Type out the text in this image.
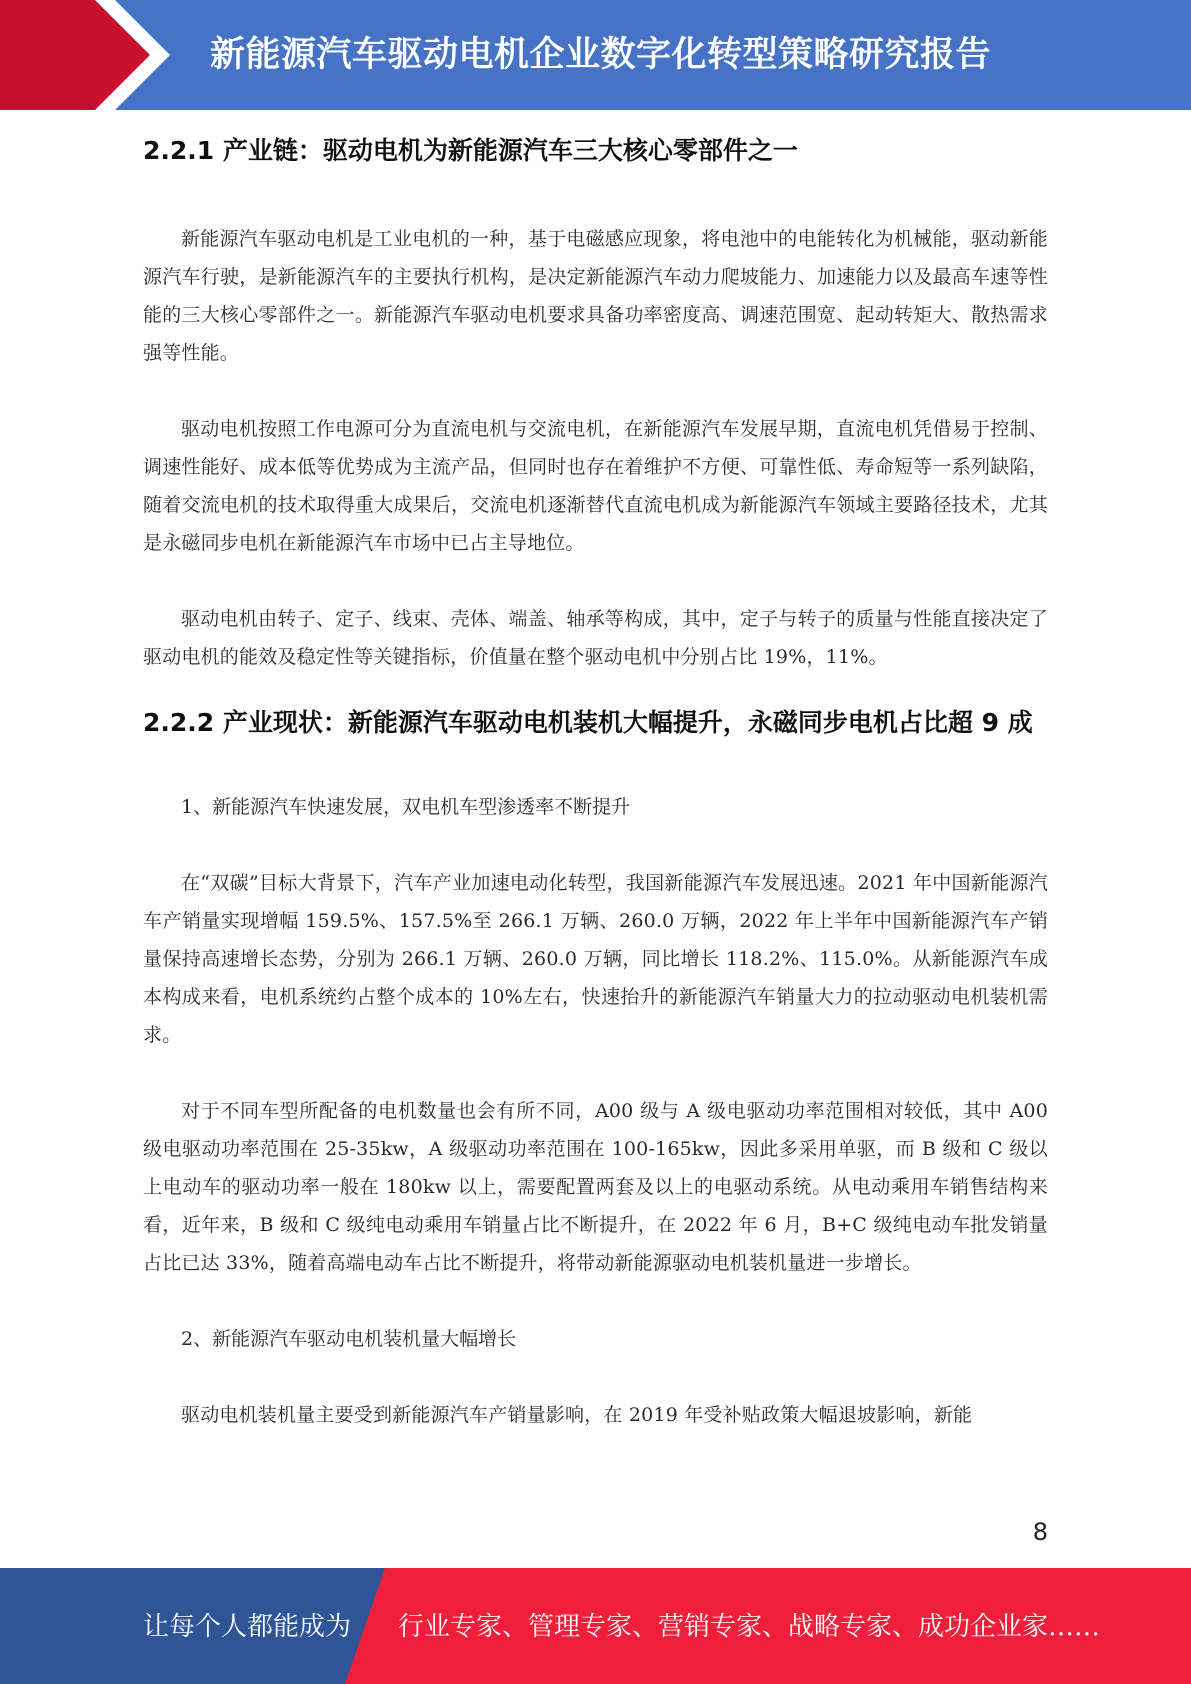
新能源汽车驱动电机企业数字化转型策略研究报告
2.2.1 产业链：驱动电机为新能源汽车三大核心零部件之一

新能源汽车驱动电机是工业电机的一种，基于电磁感应现象，将电池中的电能转化为机械能，驱动新能源汽车行驶，是新能源汽车的主要执行机构，是决定新能源汽车动力爬坡能力、加速能力以及最高车速等性能的三大核心零部件之一。新能源汽车驱动电机要求具备功率密度高、调速范围宽、起动转矩大、散热需求强等性能。

驱动电机按照工作电源可分为直流电机与交流电机，在新能源汽车发展早期，直流电机凭借易于控制、调速性能好、成本低等优势成为主流产品，但同时也存在着维护不方便、可靠性低、寿命短等一系列缺陷，随着交流电机的技术取得重大成果后，交流电机逐渐替代直流电机成为新能源汽车领域主要路径技术，尤其是永磁同步电机在新能源汽车市场中已占主导地位。

驱动电机由转子、定子、线束、壳体、端盖、轴承等构成，其中，定子与转子的质量与性能直接决定了驱动电机的能效及稳定性等关键指标，价值量在整个驱动电机中分别占比 19%，11%。

2.2.2 产业现状：新能源汽车驱动电机装机大幅提升，永磁同步电机占比超 9 成

1、新能源汽车快速发展，双电机车型渗透率不断提升

在“双碳”目标大背景下，汽车产业加速电动化转型，我国新能源汽车发展迅速。2021 年中国新能源汽车产销量实现增幅 159.5%、157.5%至 266.1 万辆、260.0 万辆，2022 年上半年中国新能源汽车产销量保持高速增长态势，分别为 266.1 万辆、260.0 万辆，同比增长 118.2%、115.0%。从新能源汽车成本构成来看，电机系统约占整个成本的 10%左右，快速抬升的新能源汽车销量大力的拉动驱动电机装机需求。

对于不同车型所配备的电机数量也会有所不同，A00 级与 A 级电驱动功率范围相对较低，其中 A00 级电驱动功率范围在 25-35kw，A 级驱动功率范围在 100-165kw，因此多采用单驱，而 B 级和 C 级以上电动车的驱动功率一般在 180kw 以上，需要配置两套及以上的电驱动系统。从电动乘用车销售结构来看，近年来，B 级和 C 级纯电动乘用车销量占比不断提升，在 2022 年 6 月，B+C 级纯电动车批发销量占比已达 33%，随着高端电动车占比不断提升，将带动新能源驱动电机装机量进一步增长。

2、新能源汽车驱动电机装机量大幅增长

驱动电机装机量主要受到新能源汽车产销量影响，在 2019 年受补贴政策大幅退坡影响，新能

8
让每个人都能成为 行业专家、管理专家、营销专家、战略专家、成功企业家……
